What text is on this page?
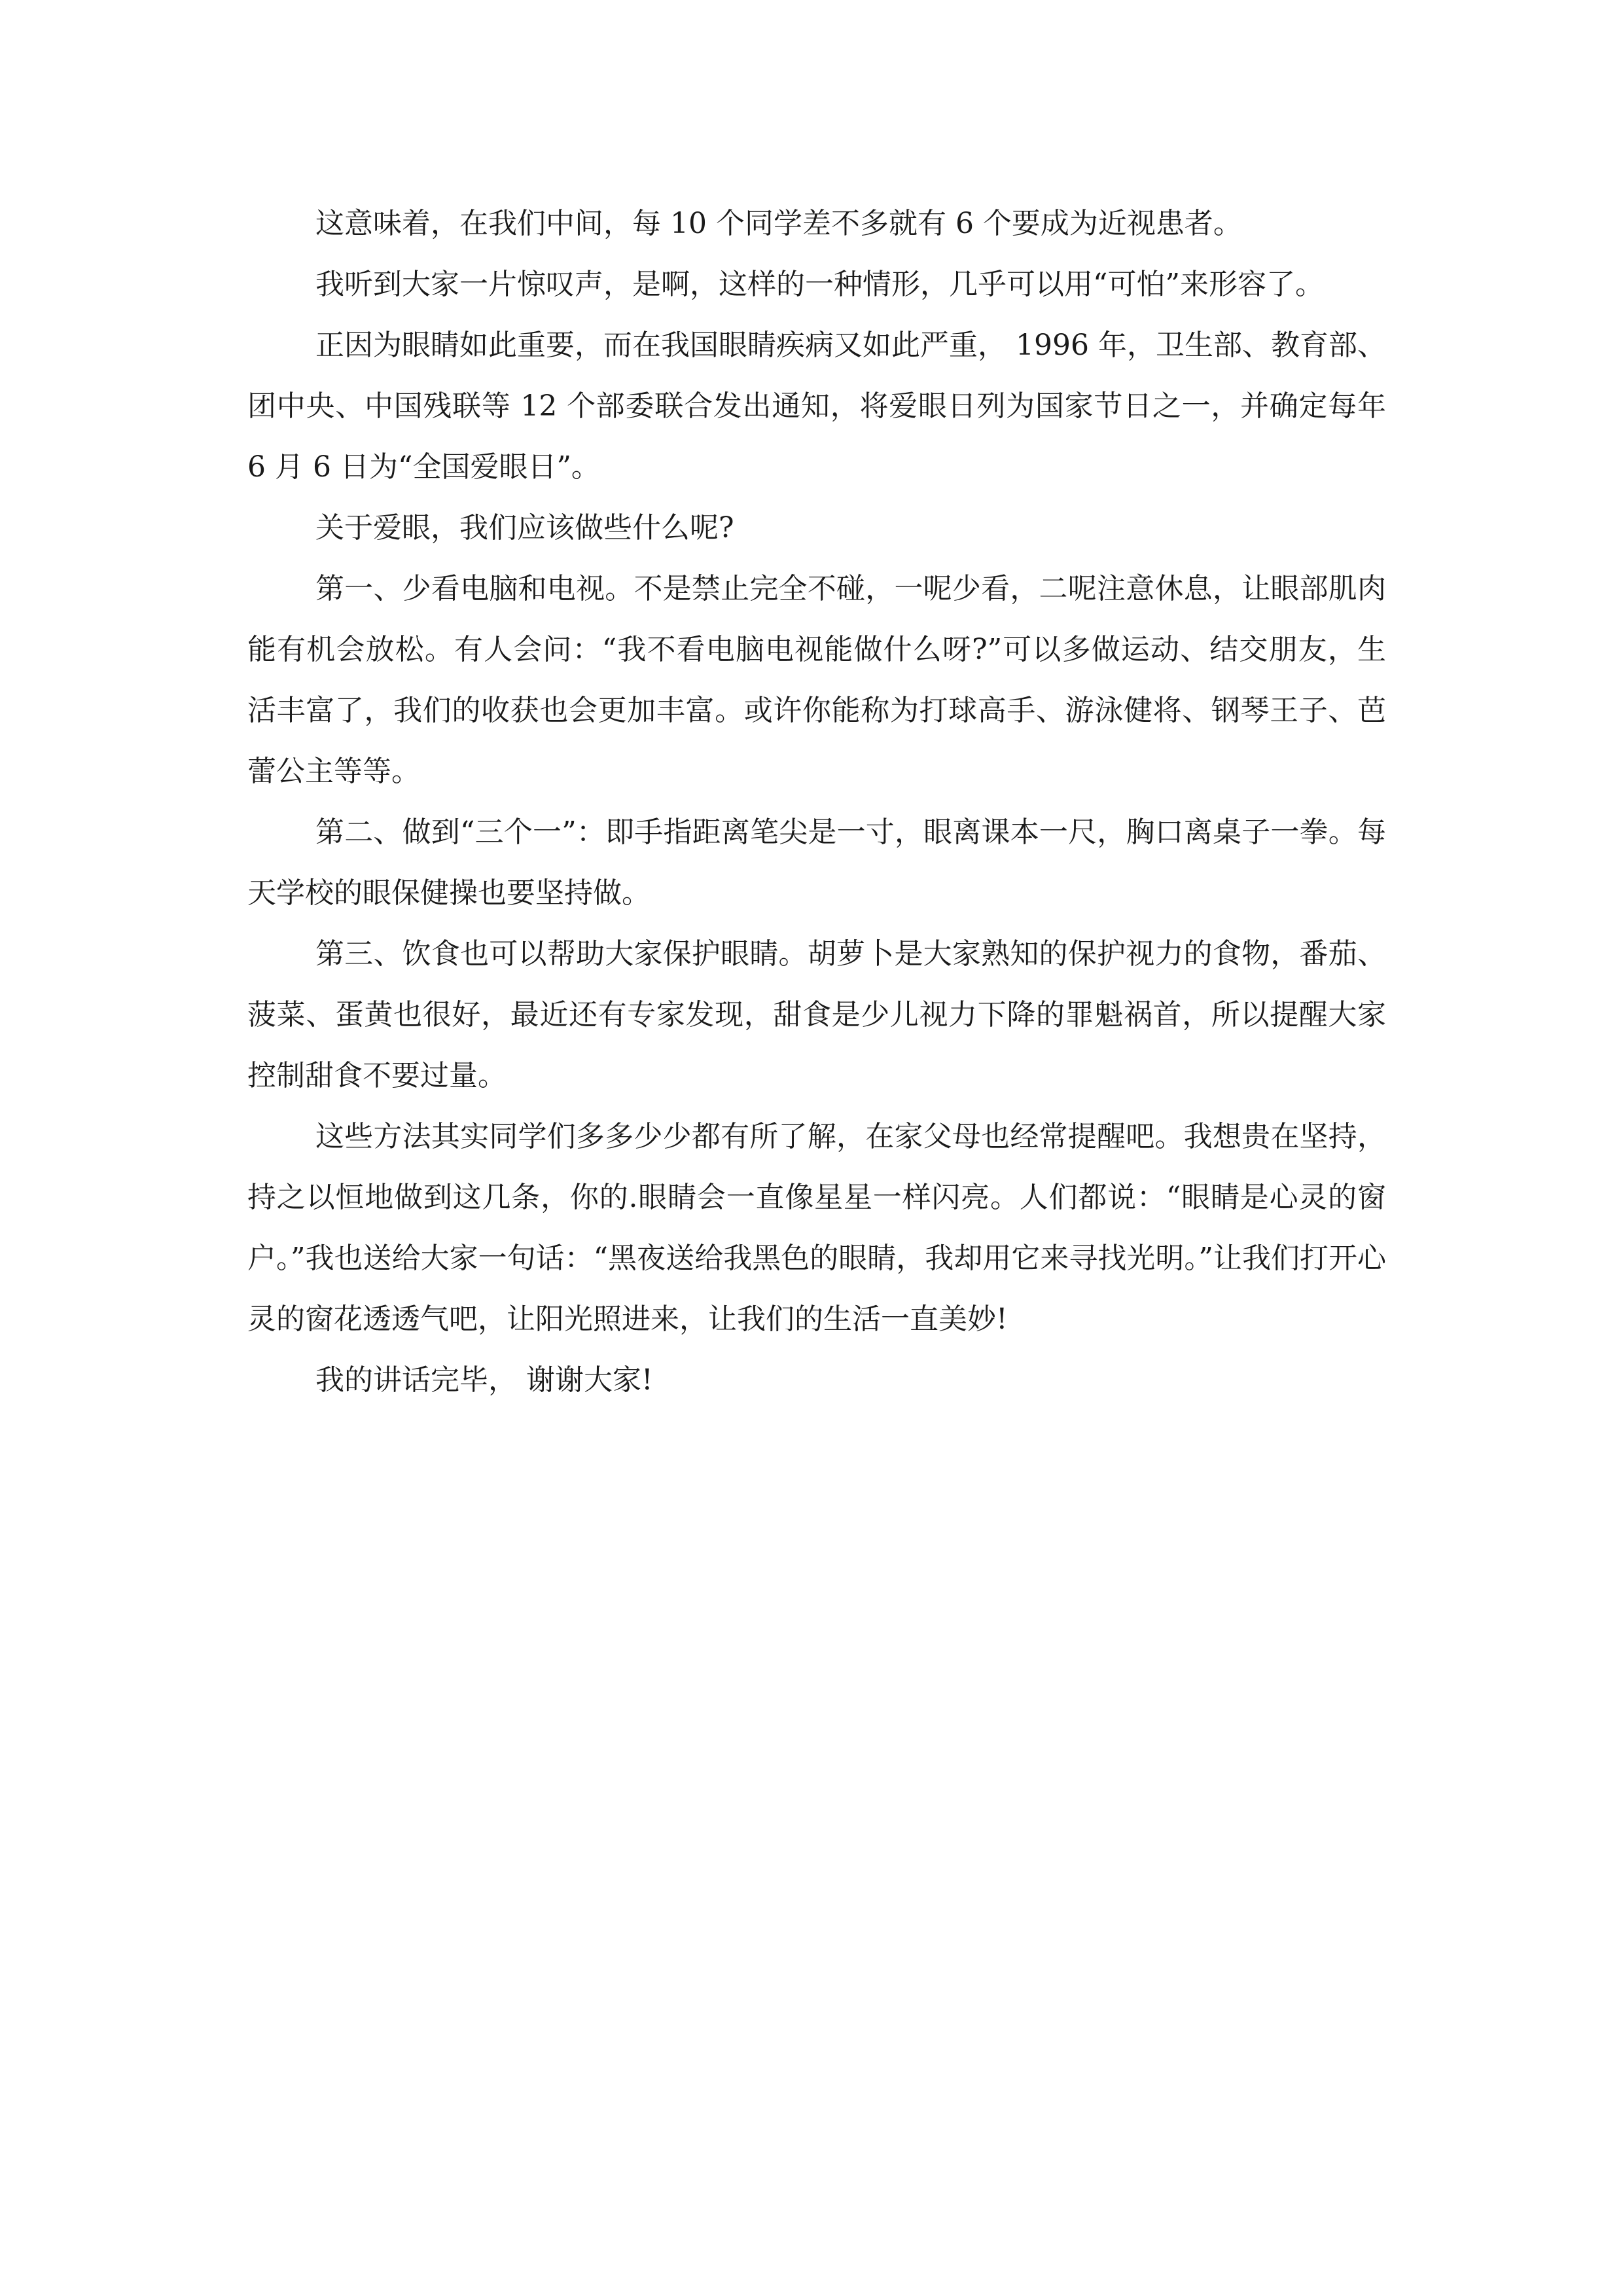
这意味着，在我们中间，每 10 个同学差不多就有 6 个要成为近视患者。

我听到大家一片惊叹声，是啊，这样的一种情形，几乎可以用“可怕”来形容了。

正因为眼睛如此重要，而在我国眼睛疾病又如此严重， 1996 年，卫生部、教育部、团中央、中国残联等 12 个部委联合发出通知，将爱眼日列为国家节日之一，并确定每年 6 月 6 日为“全国爱眼日”。

关于爱眼，我们应该做些什么呢?

第一、少看电脑和电视。不是禁止完全不碰，一呢少看，二呢注意休息，让眼部肌肉能有机会放松。有人会问：“我不看电脑电视能做什么呀?”可以多做运动、结交朋友，生活丰富了，我们的收获也会更加丰富。或许你能称为打球高手、游泳健将、钢琴王子、芭蕾公主等等。

第二、做到“三个一”：即手指距离笔尖是一寸，眼离课本一尺，胸口离桌子一拳。每天学校的眼保健操也要坚持做。

第三、饮食也可以帮助大家保护眼睛。胡萝卜是大家熟知的保护视力的食物，番茄、菠菜、蛋黄也很好，最近还有专家发现，甜食是少儿视力下降的罪魁祸首，所以提醒大家控制甜食不要过量。

这些方法其实同学们多多少少都有所了解，在家父母也经常提醒吧。我想贵在坚持，持之以恒地做到这几条，你的.眼睛会一直像星星一样闪亮。人们都说：“眼睛是心灵的窗户。”我也送给大家一句话：“黑夜送给我黑色的眼睛，我却用它来寻找光明。”让我们打开心灵的窗花透透气吧，让阳光照进来，让我们的生活一直美妙!

我的讲话完毕， 谢谢大家!
